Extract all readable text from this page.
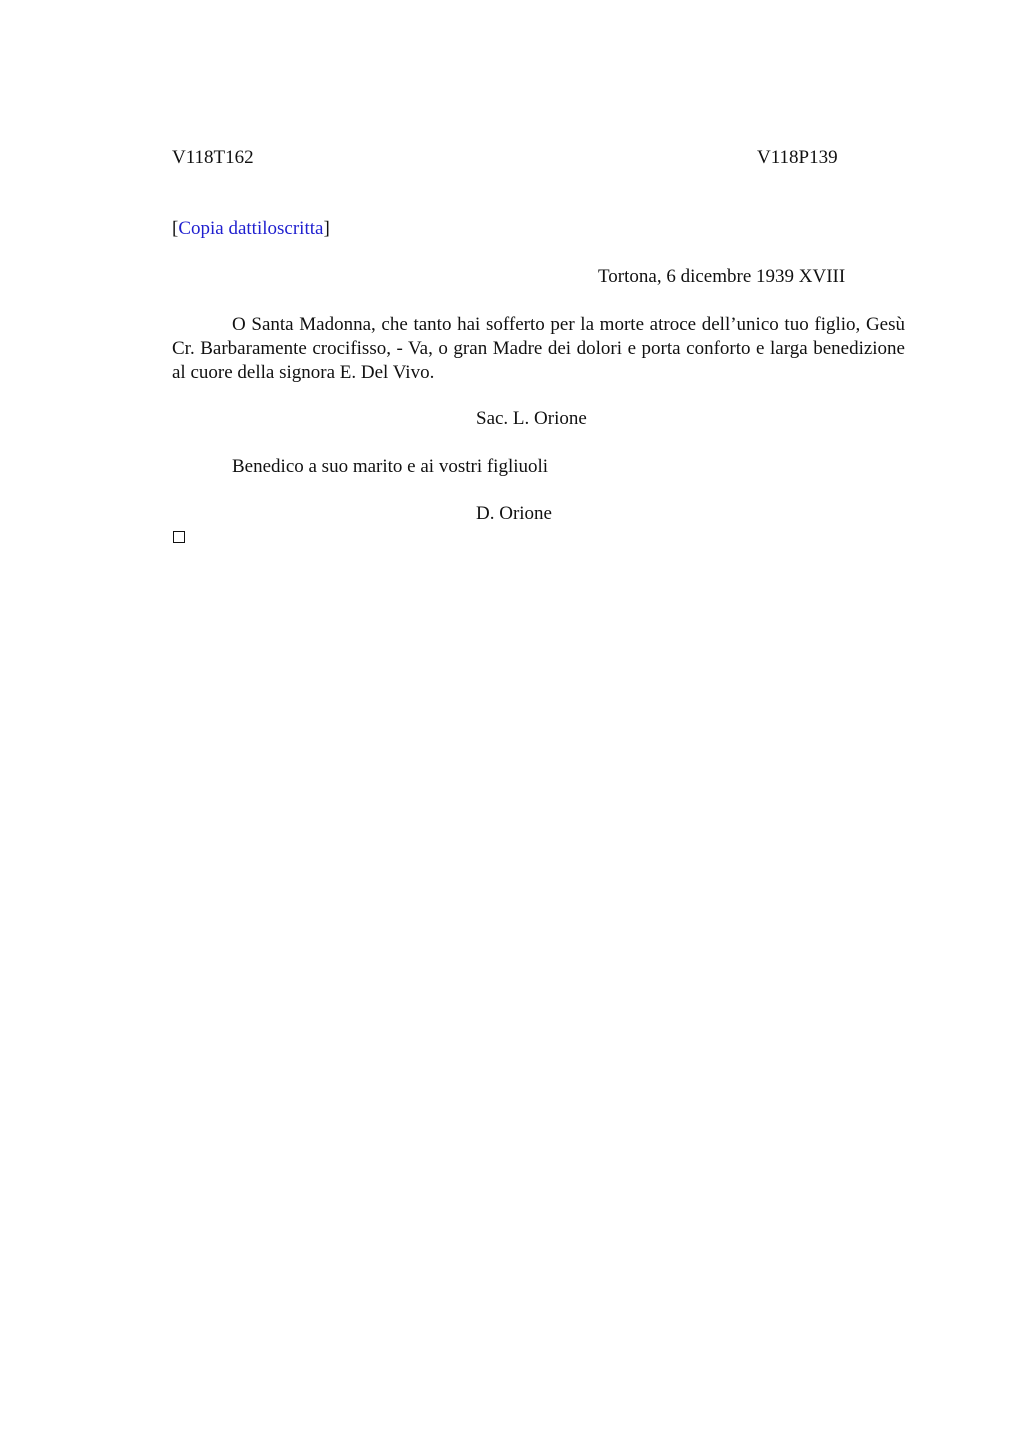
V118T162	V118P139
[Copia dattiloscritta]
Tortona, 6 dicembre 1939 XVIII
O Santa Madonna, che tanto hai sofferto per la morte atroce dell’unico tuo figlio, Gesù Cr. Barbaramente crocifisso, - Va, o gran Madre dei dolori e porta conforto e larga benedizione al cuore della signora E. Del Vivo.
Sac. L. Orione
Benedico a suo marito e ai vostri figliuoli
D. Orione
